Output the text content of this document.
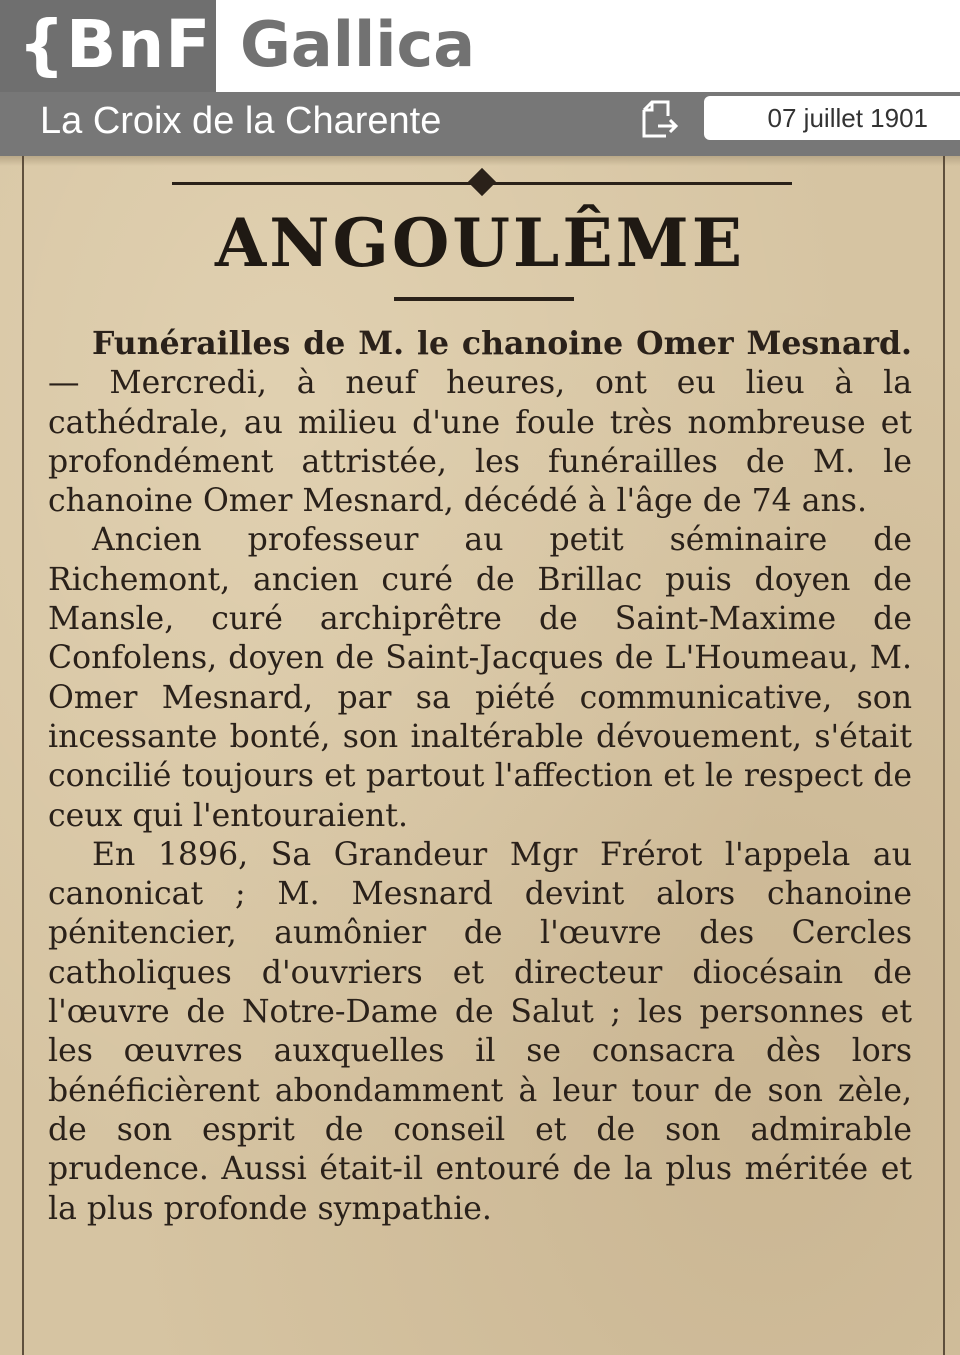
{BnF Gallica
La Croix de la Charente	07 juillet 1901
ANGOULÊME

Funérailles de M. le chanoine Omer Mesnard. — Mercredi, à neuf heures, ont eu lieu à la cathédrale, au milieu d'une foule très nombreuse et profondément attristée, les funérailles de M. le chanoine Omer Mesnard, décédé à l'âge de 74 ans.

Ancien professeur au petit séminaire de Richemont, ancien curé de Brillac puis doyen de Mansle, curé archiprêtre de Saint-Maxime de Confolens, doyen de Saint-Jacques de L'Houmeau, M. Omer Mesnard, par sa piété communicative, son incessante bonté, son inaltérable dévouement, s'était concilié toujours et partout l'affection et le respect de ceux qui l'entouraient.

En 1896, Sa Grandeur Mgr Frérot l'appela au canonicat ; M. Mesnard devint alors chanoine pénitencier, aumônier de l'œuvre des Cercles catholiques d'ouvriers et directeur diocésain de l'œuvre de Notre-Dame de Salut ; les personnes et les œuvres auxquelles il se consacra dès lors bénéficièrent abondamment à leur tour de son zèle, de son esprit de conseil et de son admirable prudence. Aussi était-il entouré de la plus méritée et la plus profonde sympathie.
